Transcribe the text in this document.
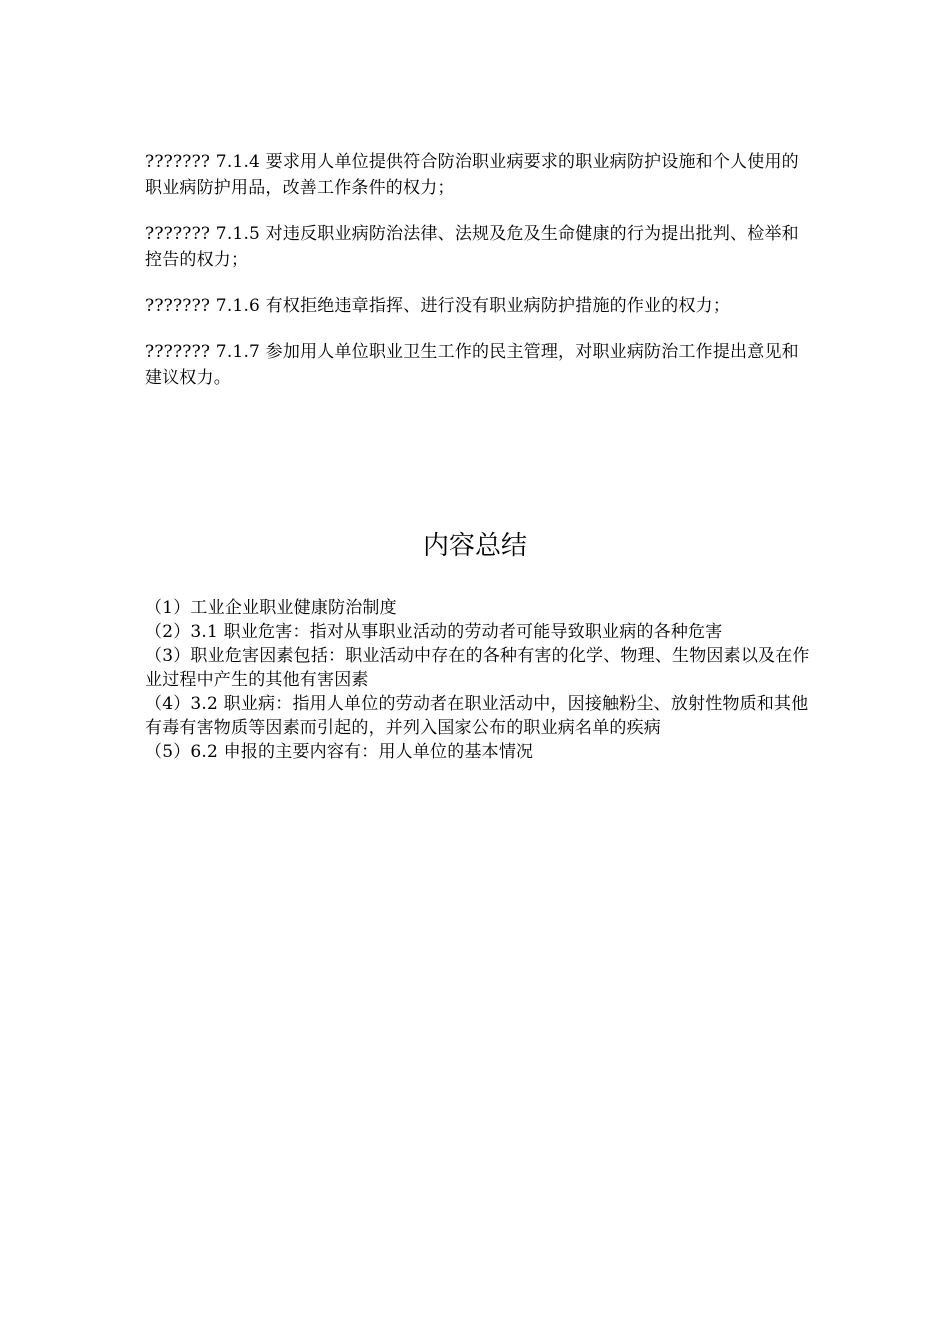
??????? 7.1.4 要求用人单位提供符合防治职业病要求的职业病防护设施和个人使用的职业病防护用品，改善工作条件的权力；

??????? 7.1.5 对违反职业病防治法律、法规及危及生命健康的行为提出批判、检举和控告的权力；

??????? 7.1.6 有权拒绝违章指挥、进行没有职业病防护措施的作业的权力；

??????? 7.1.7 参加用人单位职业卫生工作的民主管理，对职业病防治工作提出意见和建议权力。

内容总结
（1）工业企业职业健康防治制度
（2）3.1 职业危害：指对从事职业活动的劳动者可能导致职业病的各种危害
（3）职业危害因素包括：职业活动中存在的各种有害的化学、物理、生物因素以及在作业过程中产生的其他有害因素
（4）3.2 职业病：指用人单位的劳动者在职业活动中，因接触粉尘、放射性物质和其他有毒有害物质等因素而引起的，并列入国家公布的职业病名单的疾病
（5）6.2 申报的主要内容有：用人单位的基本情况
